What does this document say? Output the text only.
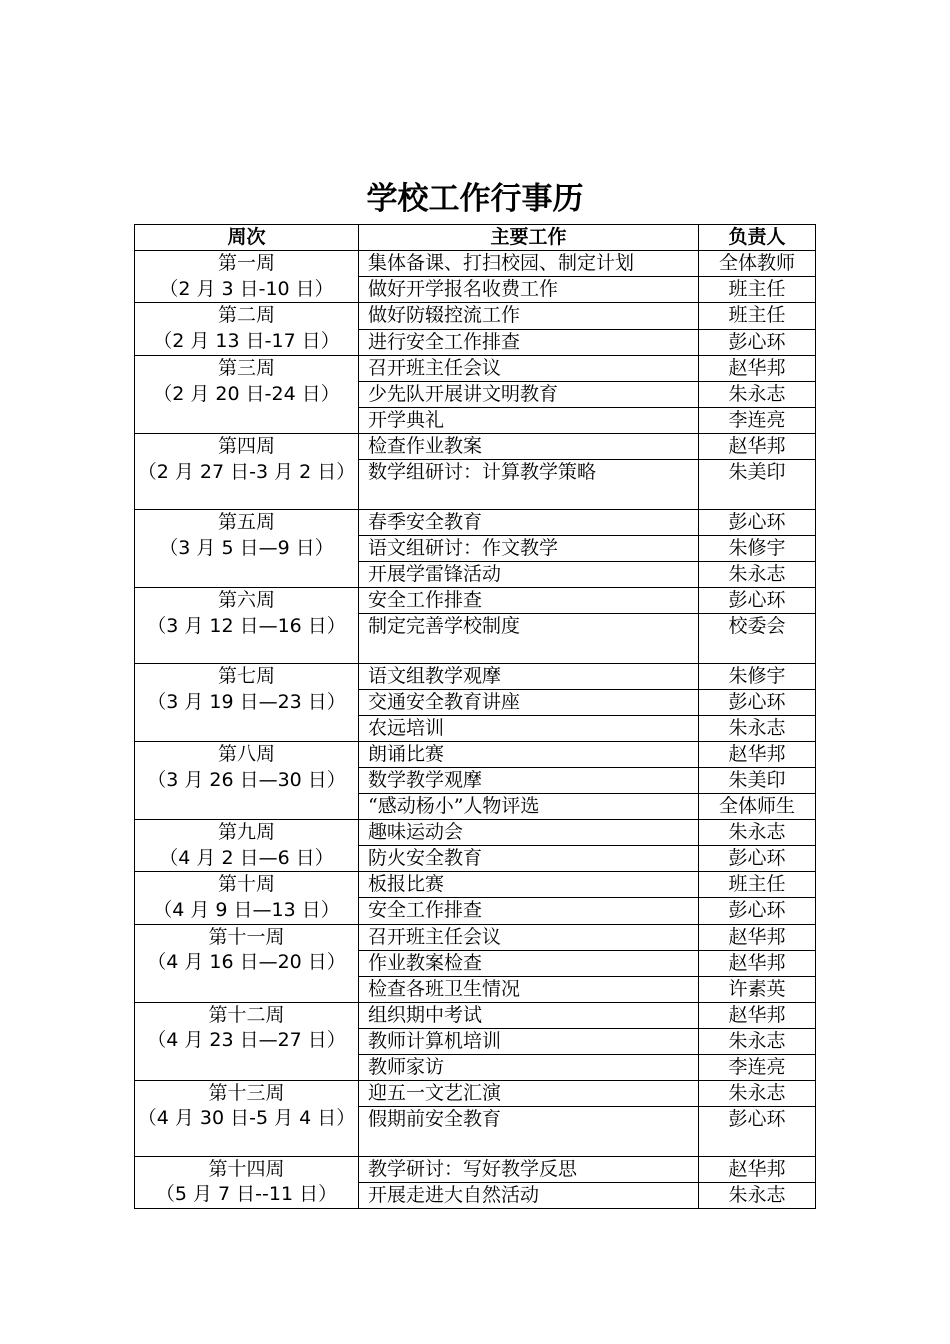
学校工作行事历
周次	主要工作	负责人

第一周
（2 月 3 日-10 日）	集体备课、打扫校园、制定计划	全体教师
	做好开学报名收费工作	班主任

第二周
（2 月 13 日-17 日）	做好防辍控流工作	班主任
	进行安全工作排查	彭心环

第三周
（2 月 20 日-24 日）	召开班主任会议	赵华邦
	少先队开展讲文明教育	朱永志
	开学典礼	李连亮

第四周
（2 月 27 日-3 月 2 日）	检查作业教案	赵华邦
	数学组研讨：计算教学策略	朱美印

第五周
（3 月 5 日—9 日）	春季安全教育	彭心环
	语文组研讨：作文教学	朱修宇
	开展学雷锋活动	朱永志

第六周
（3 月 12 日—16 日）	安全工作排查	彭心环
	制定完善学校制度	校委会

第七周
（3 月 19 日—23 日）	语文组教学观摩	朱修宇
	交通安全教育讲座	彭心环
	农远培训	朱永志

第八周
（3 月 26 日—30 日）	朗诵比赛	赵华邦
	数学教学观摩	朱美印
	“感动杨小”人物评选	全体师生

第九周
（4 月 2 日—6 日）	趣味运动会	朱永志
	防火安全教育	彭心环

第十周
（4 月 9 日—13 日）	板报比赛	班主任
	安全工作排查	彭心环

第十一周
（4 月 16 日—20 日）	召开班主任会议	赵华邦
	作业教案检查	赵华邦
	检查各班卫生情况	许素英

第十二周
（4 月 23 日—27 日）	组织期中考试	赵华邦
	教师计算机培训	朱永志
	教师家访	李连亮

第十三周
（4 月 30 日-5 月 4 日）	迎五一文艺汇演	朱永志
	假期前安全教育	彭心环

第十四周
（5 月 7 日--11 日）	教学研讨：写好教学反思	赵华邦
	开展走进大自然活动	朱永志
